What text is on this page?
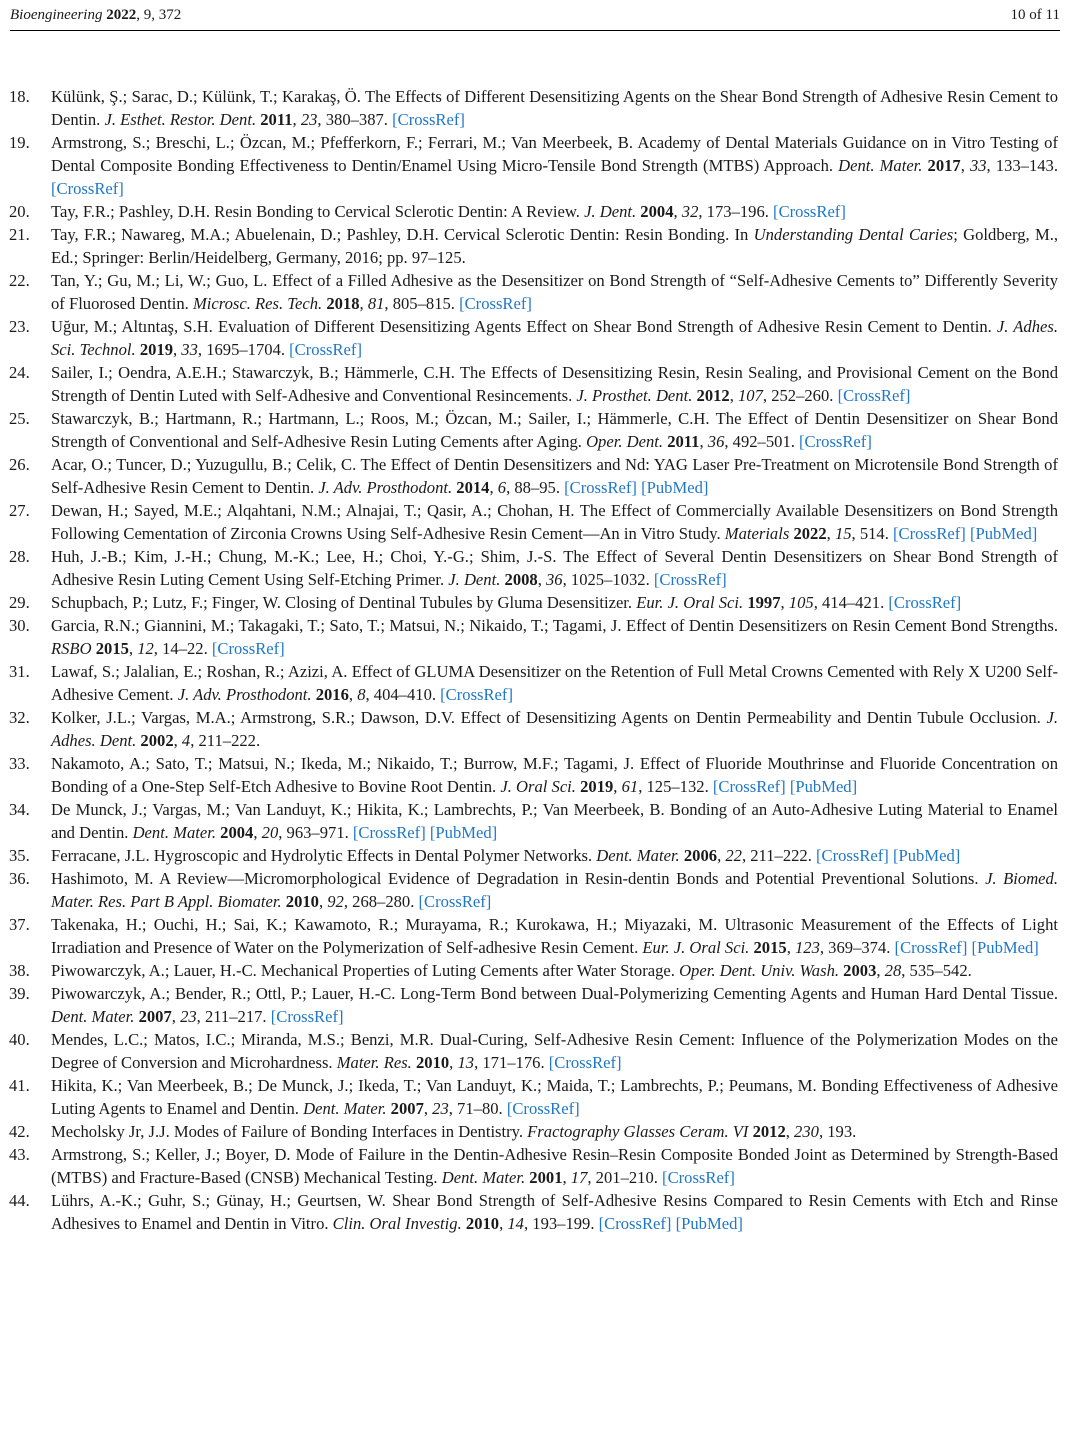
Bioengineering 2022, 9, 372	10 of 11
18. Külünk, Ş.; Sarac, D.; Külünk, T.; Karakaş, Ö. The Effects of Different Desensitizing Agents on the Shear Bond Strength of Adhesive Resin Cement to Dentin. J. Esthet. Restor. Dent. 2011, 23, 380–387. [CrossRef]
19. Armstrong, S.; Breschi, L.; Özcan, M.; Pfefferkorn, F.; Ferrari, M.; Van Meerbeek, B. Academy of Dental Materials Guidance on in Vitro Testing of Dental Composite Bonding Effectiveness to Dentin/Enamel Using Micro-Tensile Bond Strength (MTBS) Approach. Dent. Mater. 2017, 33, 133–143. [CrossRef]
20. Tay, F.R.; Pashley, D.H. Resin Bonding to Cervical Sclerotic Dentin: A Review. J. Dent. 2004, 32, 173–196. [CrossRef]
21. Tay, F.R.; Nawareg, M.A.; Abuelenain, D.; Pashley, D.H. Cervical Sclerotic Dentin: Resin Bonding. In Understanding Dental Caries; Goldberg, M., Ed.; Springer: Berlin/Heidelberg, Germany, 2016; pp. 97–125.
22. Tan, Y.; Gu, M.; Li, W.; Guo, L. Effect of a Filled Adhesive as the Desensitizer on Bond Strength of “Self-Adhesive Cements to” Differently Severity of Fluorosed Dentin. Microsc. Res. Tech. 2018, 81, 805–815. [CrossRef]
23. Uğur, M.; Altıntaş, S.H. Evaluation of Different Desensitizing Agents Effect on Shear Bond Strength of Adhesive Resin Cement to Dentin. J. Adhes. Sci. Technol. 2019, 33, 1695–1704. [CrossRef]
24. Sailer, I.; Oendra, A.E.H.; Stawarczyk, B.; Hämmerle, C.H. The Effects of Desensitizing Resin, Resin Sealing, and Provisional Cement on the Bond Strength of Dentin Luted with Self-Adhesive and Conventional Resincements. J. Prosthet. Dent. 2012, 107, 252–260. [CrossRef]
25. Stawarczyk, B.; Hartmann, R.; Hartmann, L.; Roos, M.; Özcan, M.; Sailer, I.; Hämmerle, C.H. The Effect of Dentin Desensitizer on Shear Bond Strength of Conventional and Self-Adhesive Resin Luting Cements after Aging. Oper. Dent. 2011, 36, 492–501. [CrossRef]
26. Acar, O.; Tuncer, D.; Yuzugullu, B.; Celik, C. The Effect of Dentin Desensitizers and Nd: YAG Laser Pre-Treatment on Microtensile Bond Strength of Self-Adhesive Resin Cement to Dentin. J. Adv. Prosthodont. 2014, 6, 88–95. [CrossRef] [PubMed]
27. Dewan, H.; Sayed, M.E.; Alqahtani, N.M.; Alnajai, T.; Qasir, A.; Chohan, H. The Effect of Commercially Available Desensitizers on Bond Strength Following Cementation of Zirconia Crowns Using Self-Adhesive Resin Cement—An in Vitro Study. Materials 2022, 15, 514. [CrossRef] [PubMed]
28. Huh, J.-B.; Kim, J.-H.; Chung, M.-K.; Lee, H.; Choi, Y.-G.; Shim, J.-S. The Effect of Several Dentin Desensitizers on Shear Bond Strength of Adhesive Resin Luting Cement Using Self-Etching Primer. J. Dent. 2008, 36, 1025–1032. [CrossRef]
29. Schupbach, P.; Lutz, F.; Finger, W. Closing of Dentinal Tubules by Gluma Desensitizer. Eur. J. Oral Sci. 1997, 105, 414–421. [CrossRef]
30. Garcia, R.N.; Giannini, M.; Takagaki, T.; Sato, T.; Matsui, N.; Nikaido, T.; Tagami, J. Effect of Dentin Desensitizers on Resin Cement Bond Strengths. RSBO 2015, 12, 14–22. [CrossRef]
31. Lawaf, S.; Jalalian, E.; Roshan, R.; Azizi, A. Effect of GLUMA Desensitizer on the Retention of Full Metal Crowns Cemented with Rely X U200 Self-Adhesive Cement. J. Adv. Prosthodont. 2016, 8, 404–410. [CrossRef]
32. Kolker, J.L.; Vargas, M.A.; Armstrong, S.R.; Dawson, D.V. Effect of Desensitizing Agents on Dentin Permeability and Dentin Tubule Occlusion. J. Adhes. Dent. 2002, 4, 211–222.
33. Nakamoto, A.; Sato, T.; Matsui, N.; Ikeda, M.; Nikaido, T.; Burrow, M.F.; Tagami, J. Effect of Fluoride Mouthrinse and Fluoride Concentration on Bonding of a One-Step Self-Etch Adhesive to Bovine Root Dentin. J. Oral Sci. 2019, 61, 125–132. [CrossRef] [PubMed]
34. De Munck, J.; Vargas, M.; Van Landuyt, K.; Hikita, K.; Lambrechts, P.; Van Meerbeek, B. Bonding of an Auto-Adhesive Luting Material to Enamel and Dentin. Dent. Mater. 2004, 20, 963–971. [CrossRef] [PubMed]
35. Ferracane, J.L. Hygroscopic and Hydrolytic Effects in Dental Polymer Networks. Dent. Mater. 2006, 22, 211–222. [CrossRef] [PubMed]
36. Hashimoto, M. A Review—Micromorphological Evidence of Degradation in Resin-dentin Bonds and Potential Preventional Solutions. J. Biomed. Mater. Res. Part B Appl. Biomater. 2010, 92, 268–280. [CrossRef]
37. Takenaka, H.; Ouchi, H.; Sai, K.; Kawamoto, R.; Murayama, R.; Kurokawa, H.; Miyazaki, M. Ultrasonic Measurement of the Effects of Light Irradiation and Presence of Water on the Polymerization of Self-adhesive Resin Cement. Eur. J. Oral Sci. 2015, 123, 369–374. [CrossRef] [PubMed]
38. Piwowarczyk, A.; Lauer, H.-C. Mechanical Properties of Luting Cements after Water Storage. Oper. Dent. Univ. Wash. 2003, 28, 535–542.
39. Piwowarczyk, A.; Bender, R.; Ottl, P.; Lauer, H.-C. Long-Term Bond between Dual-Polymerizing Cementing Agents and Human Hard Dental Tissue. Dent. Mater. 2007, 23, 211–217. [CrossRef]
40. Mendes, L.C.; Matos, I.C.; Miranda, M.S.; Benzi, M.R. Dual-Curing, Self-Adhesive Resin Cement: Influence of the Polymerization Modes on the Degree of Conversion and Microhardness. Mater. Res. 2010, 13, 171–176. [CrossRef]
41. Hikita, K.; Van Meerbeek, B.; De Munck, J.; Ikeda, T.; Van Landuyt, K.; Maida, T.; Lambrechts, P.; Peumans, M. Bonding Effectiveness of Adhesive Luting Agents to Enamel and Dentin. Dent. Mater. 2007, 23, 71–80. [CrossRef]
42. Mecholsky Jr, J.J. Modes of Failure of Bonding Interfaces in Dentistry. Fractography Glasses Ceram. VI 2012, 230, 193.
43. Armstrong, S.; Keller, J.; Boyer, D. Mode of Failure in the Dentin-Adhesive Resin–Resin Composite Bonded Joint as Determined by Strength-Based (MTBS) and Fracture-Based (CNSB) Mechanical Testing. Dent. Mater. 2001, 17, 201–210. [CrossRef]
44. Lührs, A.-K.; Guhr, S.; Günay, H.; Geurtsen, W. Shear Bond Strength of Self-Adhesive Resins Compared to Resin Cements with Etch and Rinse Adhesives to Enamel and Dentin in Vitro. Clin. Oral Investig. 2010, 14, 193–199. [CrossRef] [PubMed]
